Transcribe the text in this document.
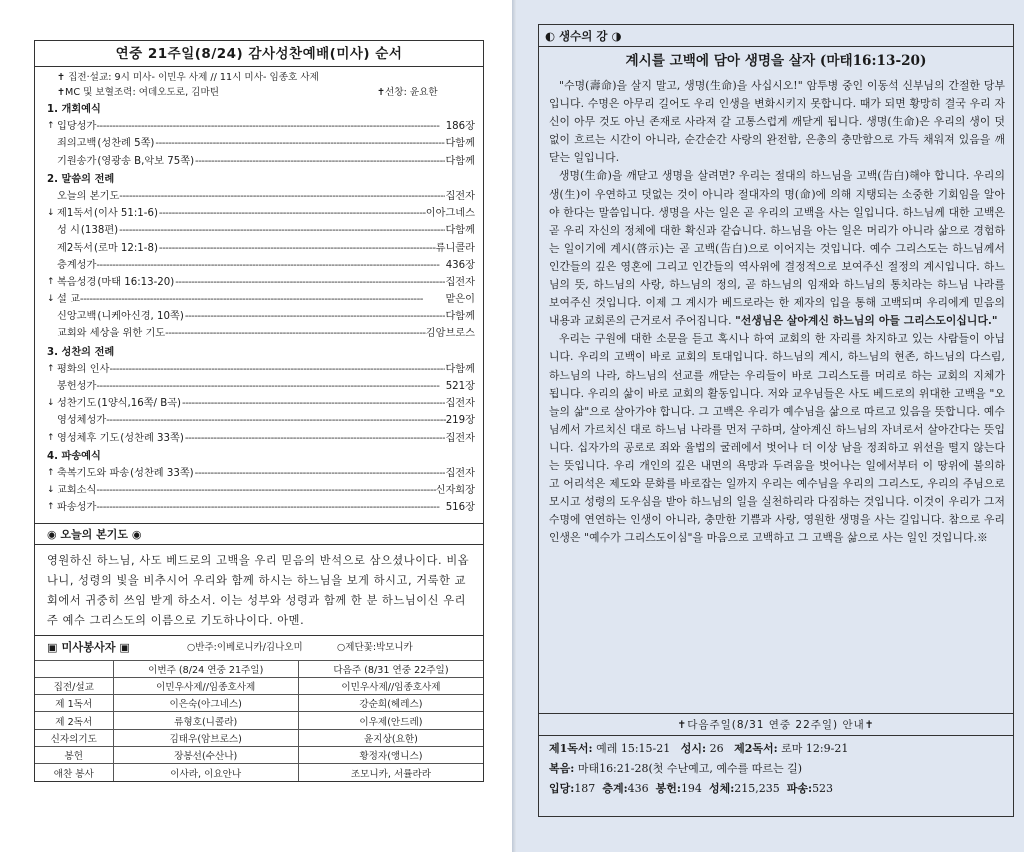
연중 21주일(8/24) 감사성찬예배(미사) 순서
✝ 집전·설교: 9시 미사- 이민우 사제 // 11시 미사- 임종호 사제
✝MC 및 보혈조력: 여데오도로, 김마틴	✝선창: 윤요한
1. 개회예식
↑ 입당성가 -----	186장
죄의고백 (성찬례 5쪽) -----	다함께
기원송가 (영광송 B,악보 75쪽) -----	다함께
2. 말씀의 전례
오늘의 본기도 -----	집전자
↓ 제1독서 (이사 51:1-6) -----	이아그네스
성 시 (138편) -----	다함께
제2독서 (로마 12:1-8) -----	류니콜라
층계성가 -----	436장
↑ 복음성경 (마태 16:13-20) -----	집전자
↓ 설 교 -----	맡은이
신앙고백 (니케아신경, 10쪽) -----	다함께
교회와 세상을 위한 기도 -----	김암브로스
3. 성찬의 전례
↑ 평화의 인사 -----	다함께
봉헌성가 -----	521장
↓ 성찬기도 (1양식,16쪽/ B곡) -----	집전자
영성체성가 -----	219장
↑ 영성체후 기도 (성찬례 33쪽) -----	집전자
4. 파송예식
↑ 축복기도와 파송 (성찬례 33쪽) -----	집전자
↓ 교회소식 -----	신자회장
↑ 파송성가 -----	516장
◉ 오늘의 본기도 ◉
영원하신 하느님, 사도 베드로의 고백을 우리 믿음의 반석으로 삼으셨나이다. 비옵나니, 성령의 빛을 비추시어 우리와 함께 하시는 하느님을 보게 하시고, 거룩한 교회에서 귀중히 쓰임 받게 하소서. 이는 성부와 성령과 함께 한 분 하느님이신 우리 주 예수 그리스도의 이름으로 기도하나이다. 아멘.
▣ 미사봉사자 ▣	○반주:이베로니카/김나오미	○제단꽃:박모니카
	이번주 (8/24 연중 21주일)	다음주 (8/31 연중 22주일)
집전/설교	이민우사제//임종호사제	이민우사제//임종호사제
제 1독서	이은숙(아그네스)	강순희(헤레스)
제 2독서	류형호(니콜라)	이우제(안드레)
신자의기도	김태우(암브로스)	윤지상(요한)
봉헌	장봉선(수산나)	황정자(앵니스)
애찬 봉사	이사라, 이요안나	조모니카, 서률라라
◐ 생수의 강 ◑
계시를 고백에 담아 생명을 살자 (마태16:13-20)

"수명(壽命)을 살지 말고, 생명(生命)을 사십시오!" 암투병 중인 이동석 신부님의 간절한 당부입니다. 수명은 아무리 길어도 우리 인생을 변화시키지 못합니다. 때가 되면 황망히 결국 우리 자신이 아무 것도 아닌 존재로 사라져 갈 고통스럽게 깨닫게 됩니다. 생명(生命)은 우리의 생이 덧없이 흐르는 시간이 아니라, 순간순간 사랑의 완전함, 은총의 충만함으로 가득 채워져 있음을 깨닫는 일입니다.

생명(生命)을 깨닫고 생명을 살려면? 우리는 절대의 하느님을 고백(告白)해야 합니다. 우리의 생(生)이 우연하고 덧없는 것이 아니라 절대자의 명(命)에 의해 지탱되는 소중한 기회임을 알아야 한다는 말씀입니다. 생명을 사는 일은 곧 우리의 고백을 사는 일입니다. 하느님께 대한 고백은 곧 우리 자신의 정체에 대한 확신과 같습니다. 하느님을 아는 일은 머리가 아니라 삶으로 경험하는 일이기에 계시(啓示)는 곧 고백(告白)으로 이어지는 것입니다. 예수 그리스도는 하느님께서 인간들의 깊은 영혼에 그리고 인간들의 역사위에 결정적으로 보여주신 절정의 계시입니다. 하느님의 뜻, 하느님의 사랑, 하느님의 정의, 곧 하느님의 임재와 하느님의 통치라는 하느님 나라를 보여주신 것입니다. 이제 그 계시가 베드로라는 한 제자의 입을 통해 고백되며 우리에게 믿음의 내용과 교회론의 근거로서 주어집니다. "선생님은 살아계신 하느님의 아들 그리스도이십니다."

우리는 구원에 대한 소문을 듣고 혹시나 하여 교회의 한 자리를 차지하고 있는 사람들이 아닙니다. 우리의 고백이 바로 교회의 토대입니다. 하느님의 계시, 하느님의 현존, 하느님의 다스림, 하느님의 나라, 하느님의 선교를 깨닫는 우리들이 바로 그리스도를 머리로 하는 교회의 지체가 됩니다. 우리의 삶이 바로 교회의 활동입니다. 저와 교우님들은 사도 베드로의 위대한 고백을 "오늘의 삶"으로 살아가야 합니다. 그 고백은 우리가 예수님을 삶으로 따르고 있음을 뜻합니다. 예수님께서 가르치신 대로 하느님 나라를 먼저 구하며, 살아계신 하느님의 자녀로서 살아간다는 뜻입니다. 십자가의 공로로 죄와 율법의 굴레에서 벗어나 더 이상 남을 정죄하고 위선을 떨지 않는다는 뜻입니다. 우리 개인의 깊은 내면의 욕망과 두려움을 벗어나는 일에서부터 이 땅위에 불의하고 어리석은 제도와 문화를 바로잡는 일까지 우리는 예수님을 우리의 그리스도, 우리의 주님으로 모시고 성령의 도우심을 받아 하느님의 일을 실천하리라 다짐하는 것입니다. 이것이 우리가 그저 수명에 연연하는 인생이 아니라, 충만한 기쁨과 사랑, 영원한 생명을 사는 길입니다. 참으로 우리 인생은 "예수가 그리스도이심"을 마음으로 고백하고 그 고백을 삶으로 사는 일인 것입니다.※

✝다음주일(8/31 연중 22주일) 안내✝
제1독서: 예레 15:15-21 성시: 26 제2독서: 로마 12:9-21
복음: 마태16:21-28(첫 수난예고, 예수를 따르는 길)
입당:187 층계:436 봉헌:194 성체:215,235 파송:523
